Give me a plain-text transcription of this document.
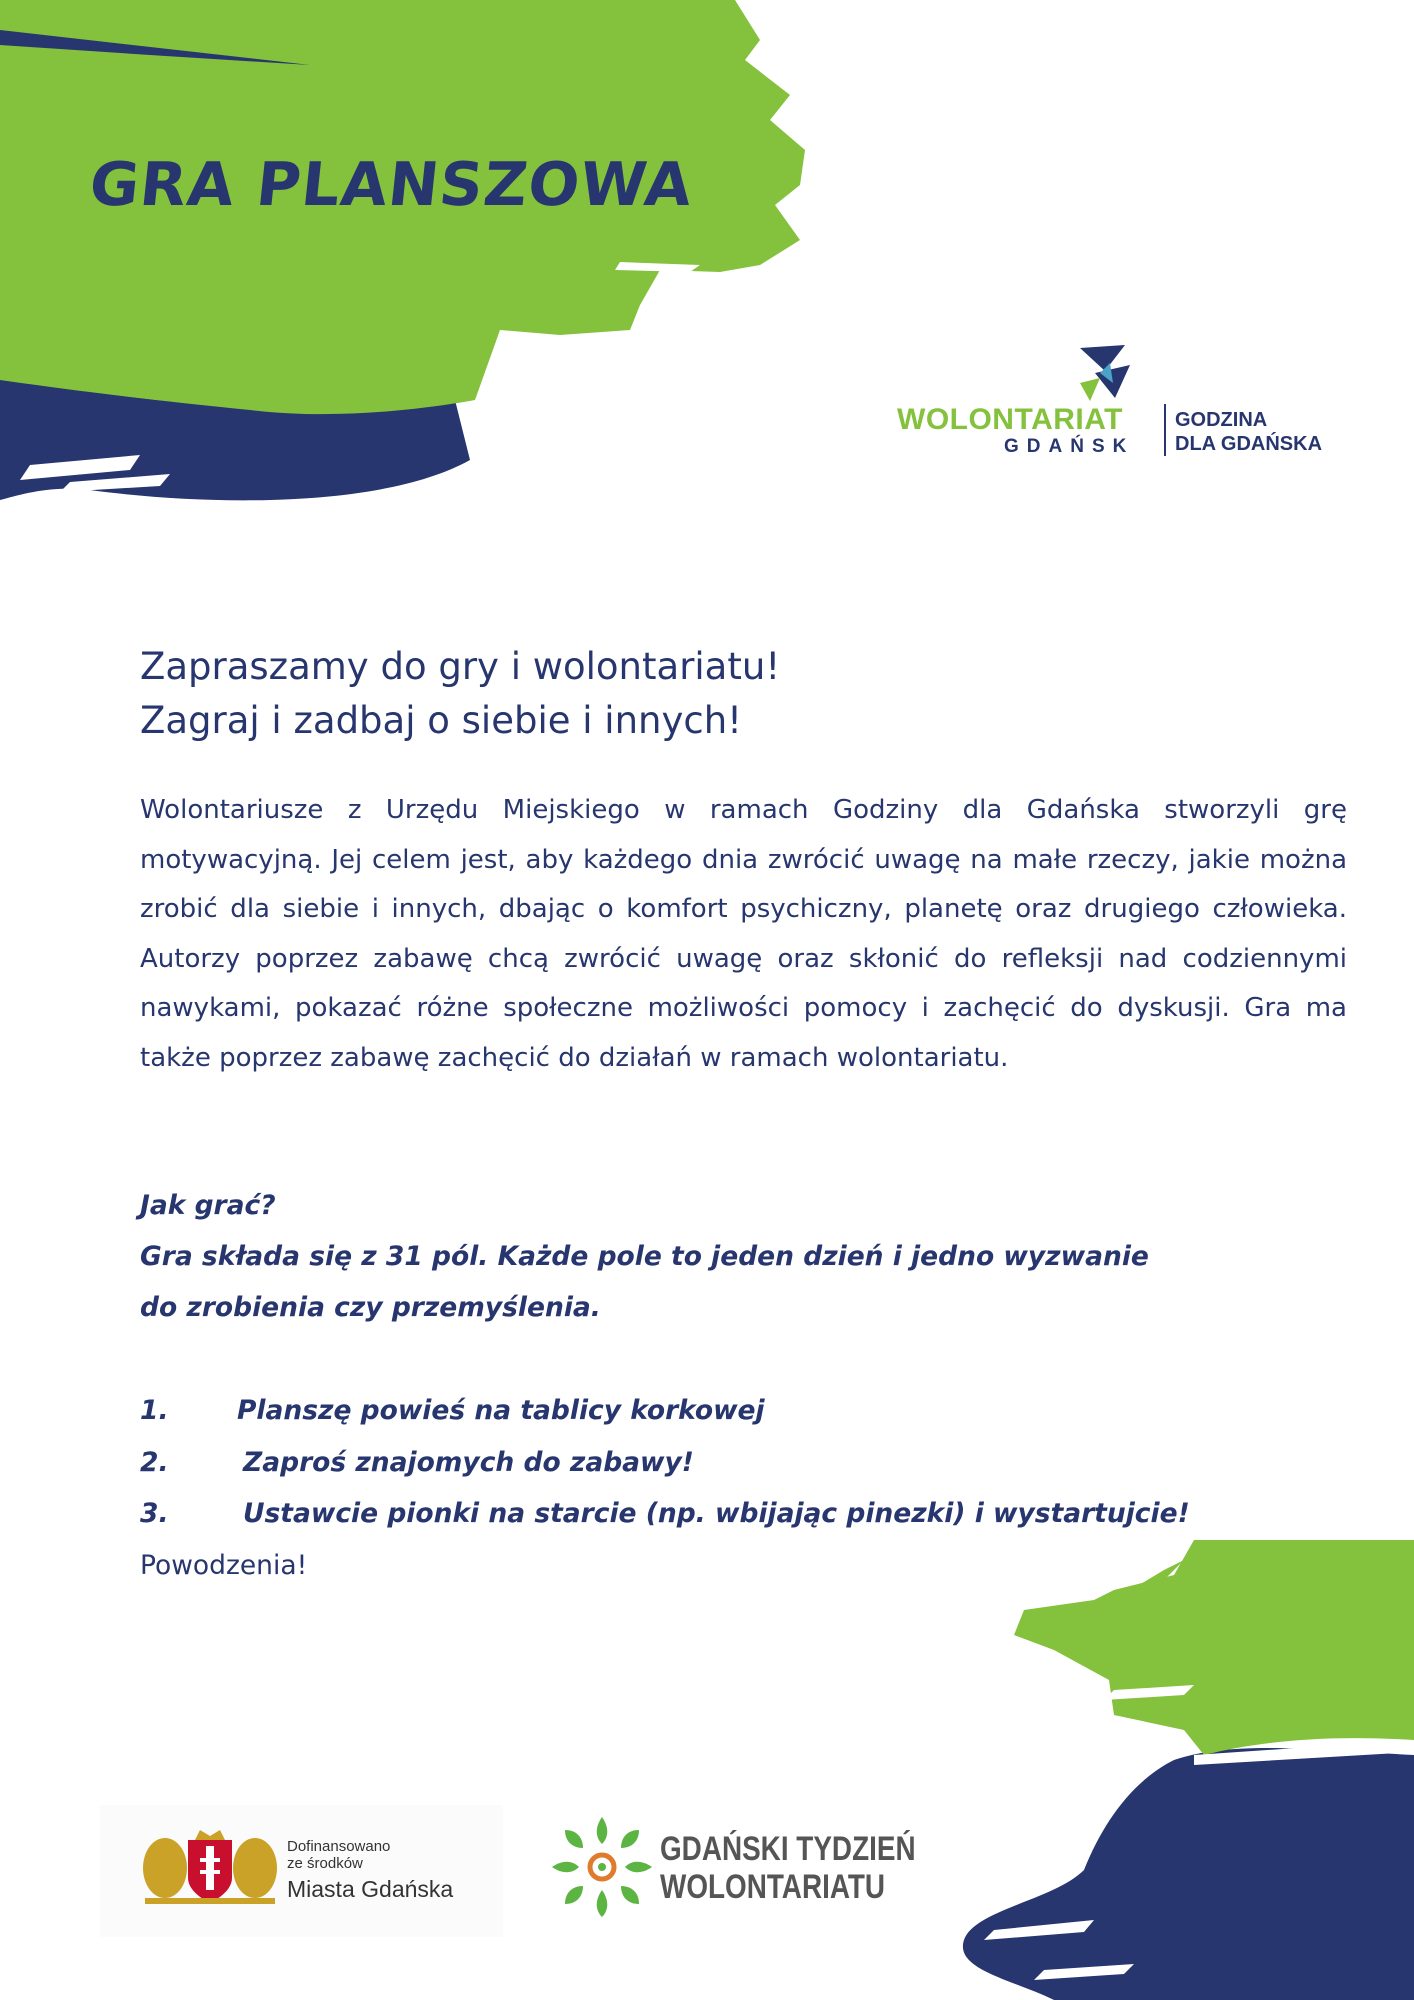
GRA PLANSZOWA
WOLONTARIAT
GDAŃSK
GODZINA
DLA GDAŃSKA
Zapraszamy do gry i wolontariatu!
Zagraj i zadbaj o siebie i innych!
Wolontariusze z Urzędu Miejskiego w ramach Godziny dla Gdańska stworzyli grę motywacyjną. Jej celem jest, aby każdego dnia zwrócić uwagę na małe rzeczy, jakie można zrobić dla siebie i innych, dbając o komfort psychiczny, planetę oraz drugiego człowieka. Autorzy poprzez zabawę chcą zwrócić uwagę oraz skłonić do refleksji nad codziennymi nawykami, pokazać różne społeczne możliwości pomocy i zachęcić do dyskusji. Gra ma także poprzez zabawę zachęcić do działań w ramach wolontariatu.
Jak grać?
Gra składa się z 31 pól. Każde pole to jeden dzień i jedno wyzwanie
do zrobienia czy przemyślenia.
1.	Planszę powieś na tablicy korkowej
2.	Zaproś znajomych do zabawy!
3.	Ustawcie pionki na starcie (np. wbijając pinezki) i wystartujcie!
Powodzenia!
Dofinansowano
ze środków
Miasta Gdańska
GDAŃSKI TYDZIEŃ
WOLONTARIATU
